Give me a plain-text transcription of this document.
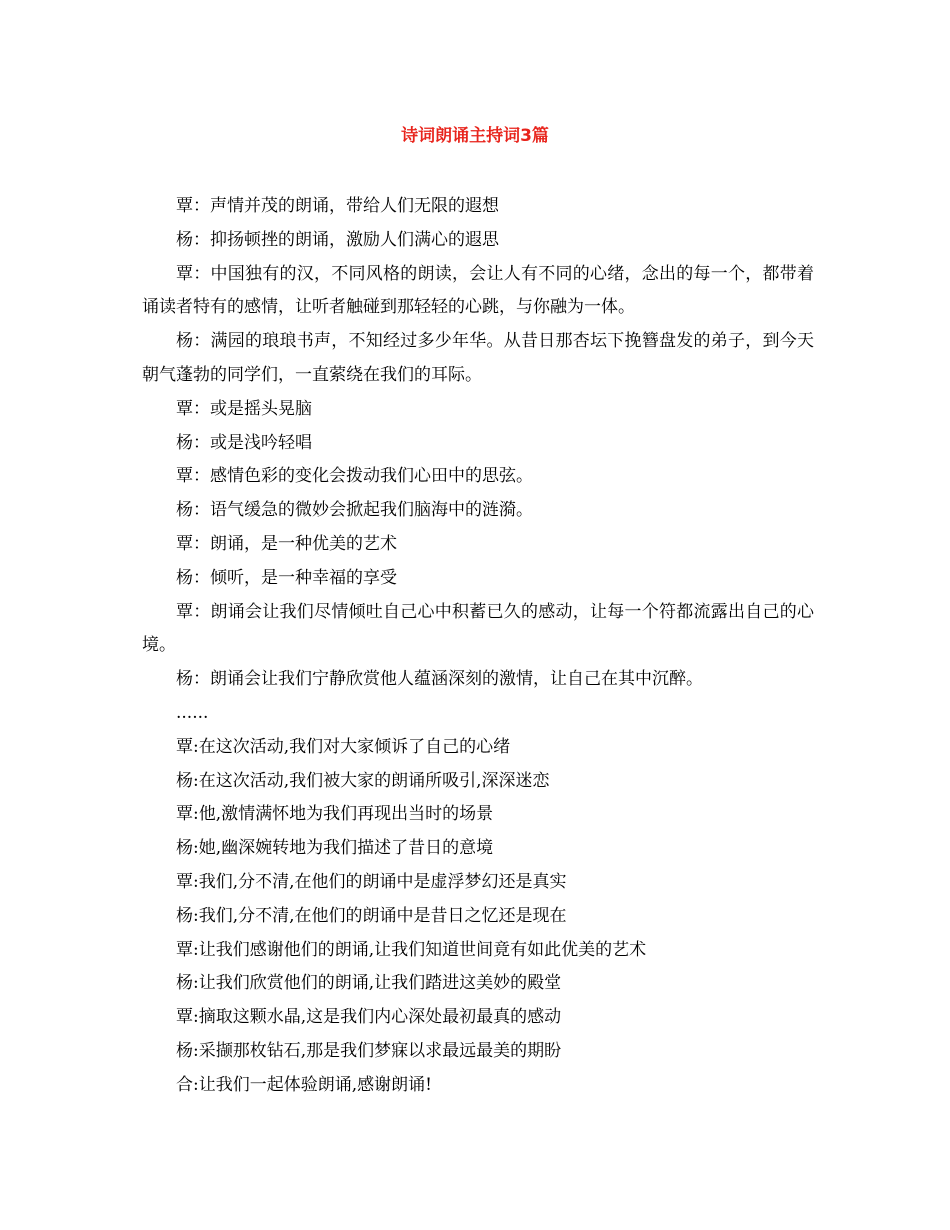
诗词朗诵主持词3篇

覃：声情并茂的朗诵，带给人们无限的遐想

杨：抑扬顿挫的朗诵，激励人们满心的遐思

覃：中国独有的汉，不同风格的朗读，会让人有不同的心绪，念出的每一个，都带着诵读者特有的感情，让听者触碰到那轻轻的心跳，与你融为一体。

杨：满园的琅琅书声，不知经过多少年华。从昔日那杏坛下挽簪盘发的弟子，到今天朝气蓬勃的同学们，一直萦绕在我们的耳际。

覃：或是摇头晃脑

杨：或是浅吟轻唱

覃：感情色彩的变化会拨动我们心田中的思弦。

杨：语气缓急的微妙会掀起我们脑海中的涟漪。

覃：朗诵，是一种优美的艺术

杨：倾听，是一种幸福的享受

覃：朗诵会让我们尽情倾吐自己心中积蓄已久的感动，让每一个符都流露出自己的心境。

杨：朗诵会让我们宁静欣赏他人蕴涵深刻的激情，让自己在其中沉醉。

......

覃:在这次活动,我们对大家倾诉了自己的心绪

杨:在这次活动,我们被大家的朗诵所吸引,深深迷恋

覃:他,激情满怀地为我们再现出当时的场景

杨:她,幽深婉转地为我们描述了昔日的意境

覃:我们,分不清,在他们的朗诵中是虚浮梦幻还是真实

杨:我们,分不清,在他们的朗诵中是昔日之忆还是现在

覃:让我们感谢他们的朗诵,让我们知道世间竟有如此优美的艺术

杨:让我们欣赏他们的朗诵,让我们踏进这美妙的殿堂

覃:摘取这颗水晶,这是我们内心深处最初最真的感动

杨:采撷那枚钻石,那是我们梦寐以求最远最美的期盼

合:让我们一起体验朗诵,感谢朗诵!
